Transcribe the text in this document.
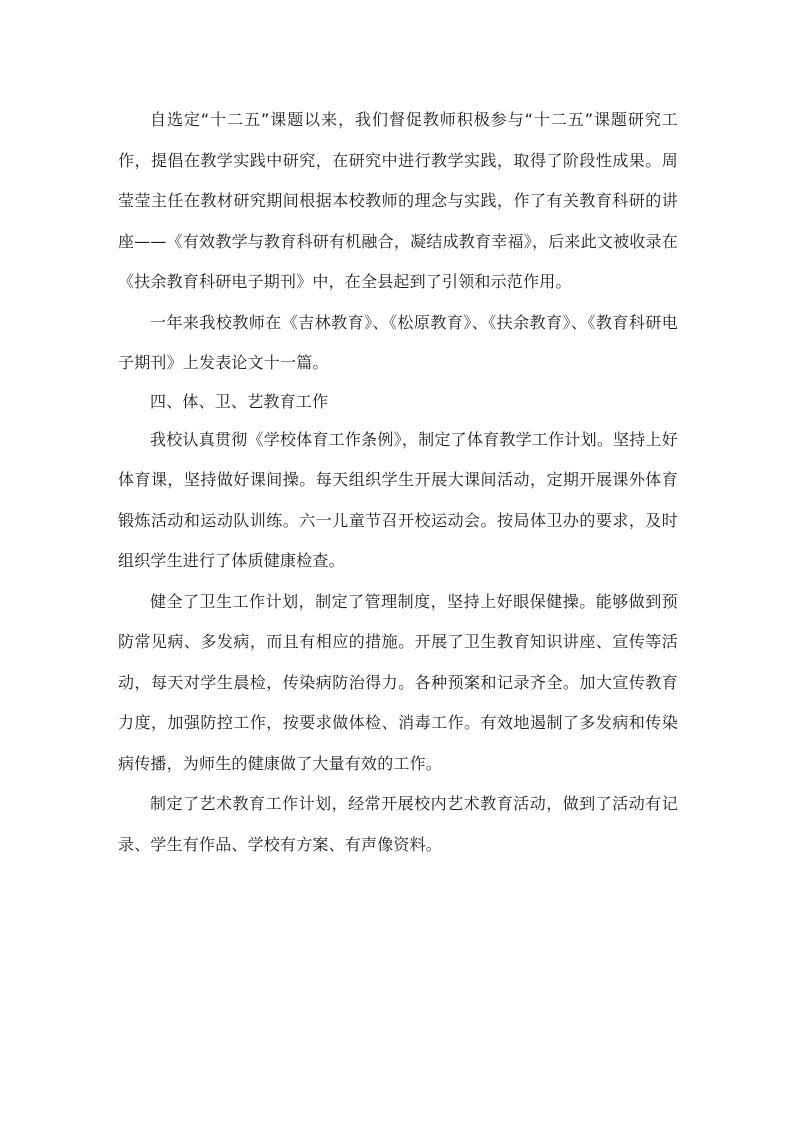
自选定“十二五”课题以来，我们督促教师积极参与“十二五”课题研究工作，提倡在教学实践中研究，在研究中进行教学实践，取得了阶段性成果。周莹莹主任在教材研究期间根据本校教师的理念与实践，作了有关教育科研的讲座——《有效教学与教育科研有机融合，凝结成教育幸福》，后来此文被收录在《扶余教育科研电子期刊》中，在全县起到了引领和示范作用。

一年来我校教师在《吉林教育》、《松原教育》、《扶余教育》、《教育科研电子期刊》上发表论文十一篇。

四、体、卫、艺教育工作

我校认真贯彻《学校体育工作条例》，制定了体育教学工作计划。坚持上好体育课，坚持做好课间操。每天组织学生开展大课间活动，定期开展课外体育锻炼活动和运动队训练。六一儿童节召开校运动会。按局体卫办的要求，及时组织学生进行了体质健康检查。

健全了卫生工作计划，制定了管理制度，坚持上好眼保健操。能够做到预防常见病、多发病，而且有相应的措施。开展了卫生教育知识讲座、宣传等活动，每天对学生晨检，传染病防治得力。各种预案和记录齐全。加大宣传教育力度，加强防控工作，按要求做体检、消毒工作。有效地遏制了多发病和传染病传播，为师生的健康做了大量有效的工作。

制定了艺术教育工作计划，经常开展校内艺术教育活动，做到了活动有记录、学生有作品、学校有方案、有声像资料。
